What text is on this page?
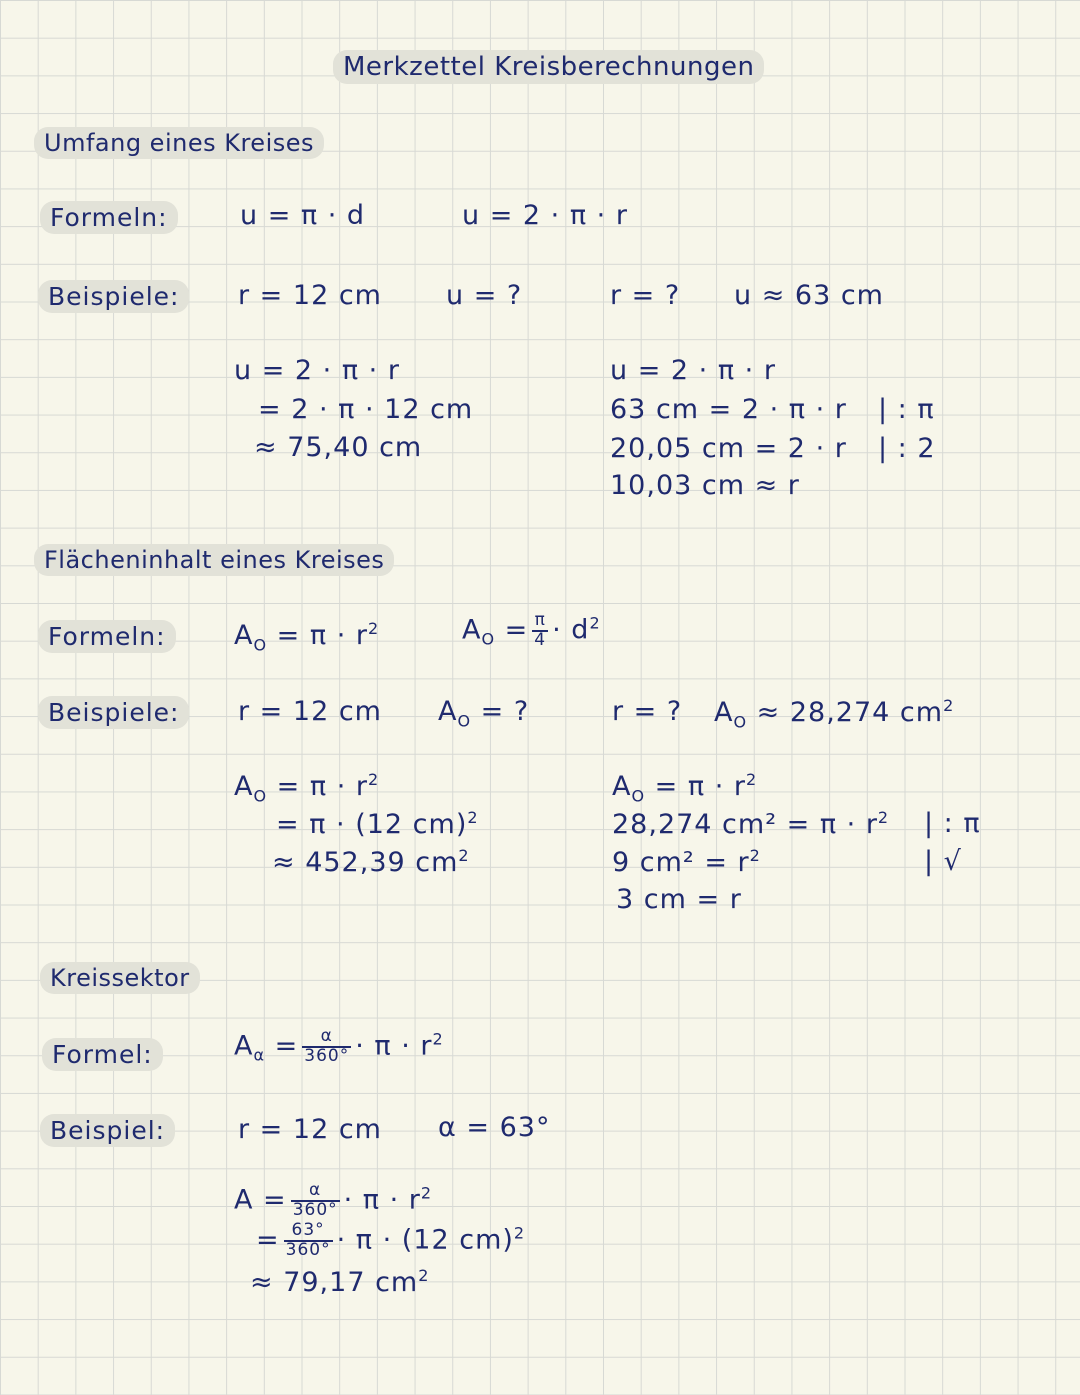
Merkzettel Kreisberechnungen
Umfang eines Kreises
Formeln:	u = π · d	u = 2 · π · r
Beispiele:	r = 12 cm u = ?	r = ? u ≈ 63 cm
u = 2 · π · r
= 2 · π · 12 cm
≈ 75,40 cm
u = 2 · π · r
63 cm = 2 · π · r | : π
20,05 cm = 2 · r | : 2
10,03 cm ≈ r
Flächeninhalt eines Kreises
Formeln:	$A_O = \pi \cdot r^2$	$A_O = \frac{\pi}{4} \cdot d^2$
Beispiele:	r = 12 cm $A_O$ = ?	r = ? $A_O \approx 28,274$ $cm^2$
$A_O = \pi \cdot r^2$
= π · (12 cm)$^2$
≈ 452,39 $cm^2$
$A_O = \pi \cdot r^2$
28,274 $cm^2 = \pi \cdot r^2$ | : π
9 $cm^2 = r^2$	| √
3 cm = r
Kreissektor
Formel:	$A_\alpha = \frac{\alpha}{360^\circ} \cdot \pi \cdot r^2$
Beispiel:	r = 12 cm α = 63°
$A = \frac{\alpha}{360^\circ} \cdot \pi \cdot r^2$
= $\frac{63^\circ}{360^\circ} \cdot \pi \cdot (12$ cm)$^2$
≈ 79,17 $cm^2$
